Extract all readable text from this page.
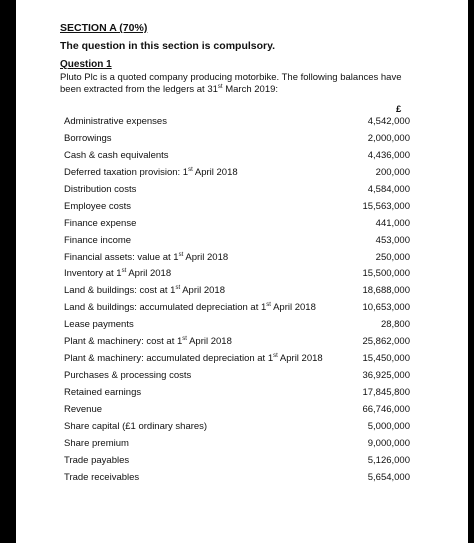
SECTION A (70%)
The question in this section is compulsory.
Question 1
Pluto Plc is a quoted company producing motorbike. The following balances have
been extracted from the ledgers at 31st March 2019:
£
Administrative expenses	4,542,000
Borrowings	2,000,000
Cash & cash equivalents	4,436,000
Deferred taxation provision: 1st April 2018	200,000
Distribution costs	4,584,000
Employee costs	15,563,000
Finance expense	441,000
Finance income	453,000
Financial assets: value at 1st April 2018	250,000
Inventory at 1st April 2018	15,500,000
Land & buildings: cost at 1st April 2018	18,688,000
Land & buildings: accumulated depreciation at 1st April 2018	10,653,000
Lease payments	28,800
Plant & machinery: cost at 1st April 2018	25,862,000
Plant & machinery: accumulated depreciation at 1st April 2018	15,450,000
Purchases & processing costs	36,925,000
Retained earnings	17,845,800
Revenue	66,746,000
Share capital (£1 ordinary shares)	5,000,000
Share premium	9,000,000
Trade payables	5,126,000
Trade receivables	5,654,000
